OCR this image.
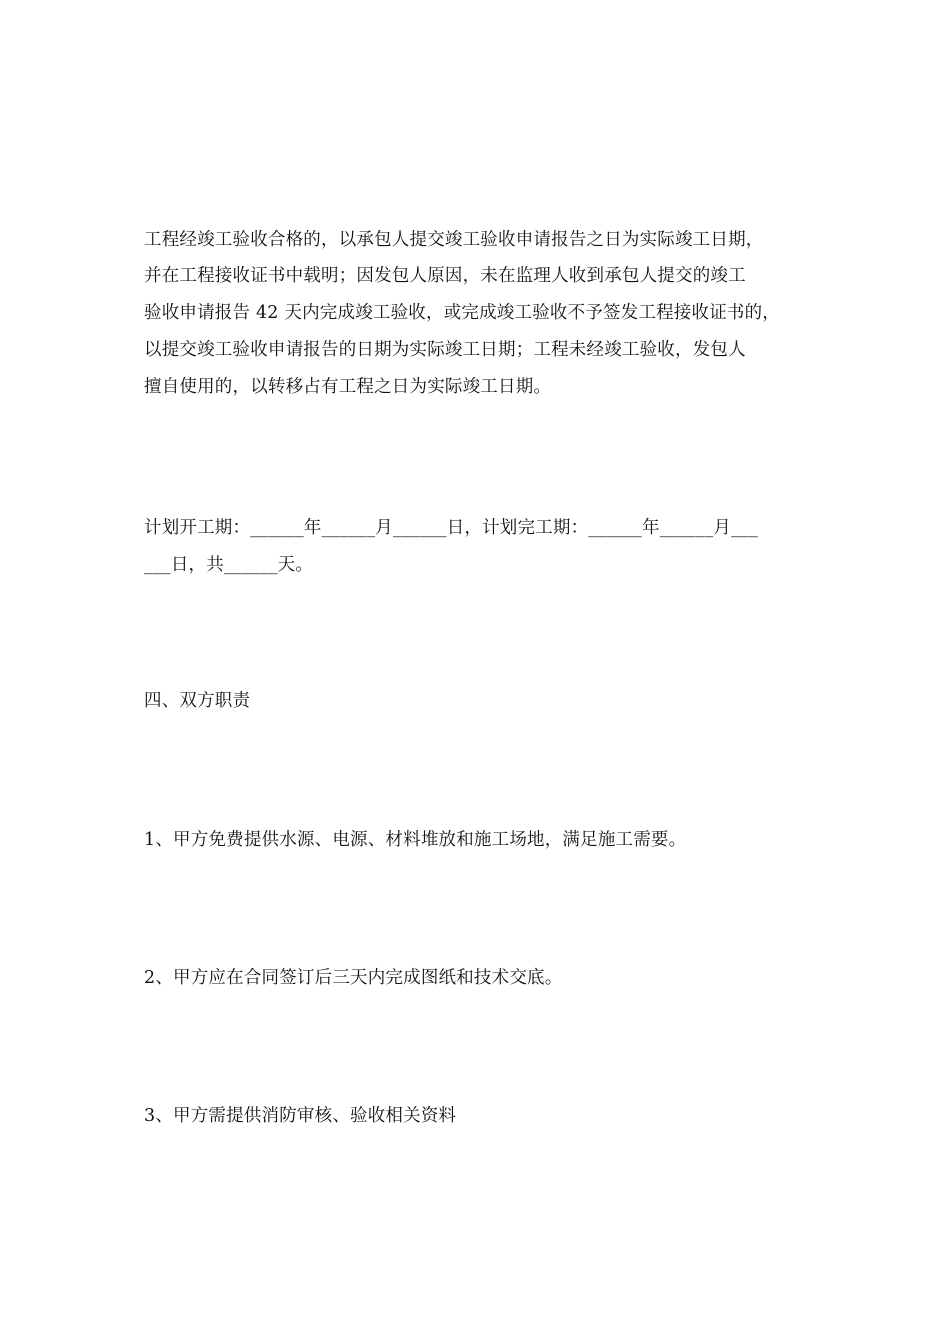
工程经竣工验收合格的，以承包人提交竣工验收申请报告之日为实际竣工日期，
并在工程接收证书中载明；因发包人原因，未在监理人收到承包人提交的竣工
验收申请报告 42 天内完成竣工验收，或完成竣工验收不予签发工程接收证书的，
以提交竣工验收申请报告的日期为实际竣工日期；工程未经竣工验收，发包人
擅自使用的，以转移占有工程之日为实际竣工日期。
计划开工期：______年______月______日，计划完工期：______年______月___
___日，共______天。
四、双方职责
1、甲方免费提供水源、电源、材料堆放和施工场地，满足施工需要。
2、甲方应在合同签订后三天内完成图纸和技术交底。
3、甲方需提供消防审核、验收相关资料
